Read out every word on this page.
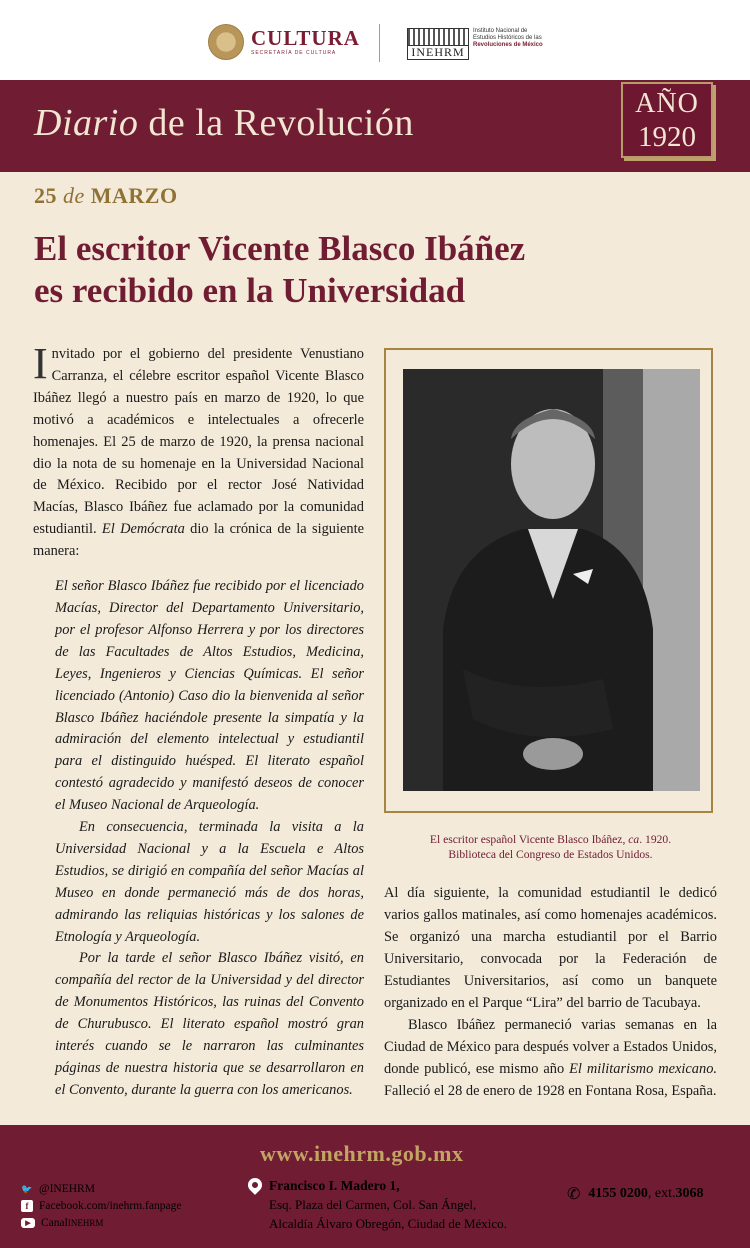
CULTURA
SECRETARÍA DE CULTURA	INEHRM
Instituto Nacional de
Estudios Históricos de las
Revoluciones de México
Diario de la Revolución	AÑO
1920
25 de MARZO
El escritor Vicente Blasco Ibáñez
es recibido en la Universidad

Invitado por el gobierno del presidente Venustiano Carranza, el célebre escritor español Vicente Blasco Ibáñez llegó a nuestro país en marzo de 1920, lo que motivó a académicos e intelectuales a ofrecerle homenajes. El 25 de marzo de 1920, la prensa nacional dio la nota de su homenaje en la Universidad Nacional de México. Recibido por el rector José Natividad Macías, Blasco Ibáñez fue aclamado por la comunidad estudiantil. El Demócrata dio la crónica de la siguiente manera:

El señor Blasco Ibáñez fue recibido por el licenciado Macías, Director del Departamento Universitario, por el profesor Alfonso Herrera y por los directores de las Facultades de Altos Estudios, Medicina, Leyes, Ingenieros y Ciencias Químicas. El señor licenciado (Antonio) Caso dio la bienvenida al señor Blasco Ibáñez haciéndole presente la simpatía y la admiración del elemento intelectual y estudiantil para el distinguido huésped. El literato español contestó agradecido y manifestó deseos de conocer el Museo Nacional de Arqueología.

En consecuencia, terminada la visita a la Universidad Nacional y a la Escuela e Altos Estudios, se dirigió en compañía del señor Macías al Museo en donde permaneció más de dos horas, admirando las reliquias históricas y los salones de Etnología y Arqueología.

Por la tarde el señor Blasco Ibáñez visitó, en compañía del rector de la Universidad y del director de Monumentos Históricos, las ruinas del Convento de Churubusco. El literato español mostró gran interés cuando se le narraron las culminantes páginas de nuestra historia que se desarrollaron en el Convento, durante la guerra con los americanos.

El escritor español Vicente Blasco Ibáñez, ca. 1920.
Biblioteca del Congreso de Estados Unidos.

Al día siguiente, la comunidad estudiantil le dedicó varios gallos matinales, así como homenajes académicos. Se organizó una marcha estudiantil por el Barrio Universitario, convocada por la Federación de Estudiantes Universitarios, así como un banquete organizado en el Parque “Lira” del barrio de Tacubaya.

Blasco Ibáñez permaneció varias semanas en la Ciudad de México para después volver a Estados Unidos, donde publicó, ese mismo año El militarismo mexicano. Falleció el 28 de enero de 1928 en Fontana Rosa, España.

www.inehrm.gob.mx
🐦 @INEHRM
f Facebook.com/inehrm.fanpage
▶ Canal INEHRM
Francisco I. Madero 1,
Esq. Plaza del Carmen, Col. San Ángel,
Alcaldía Álvaro Obregón, Ciudad de México.
✆ 4155 0200 , ext. 3068
